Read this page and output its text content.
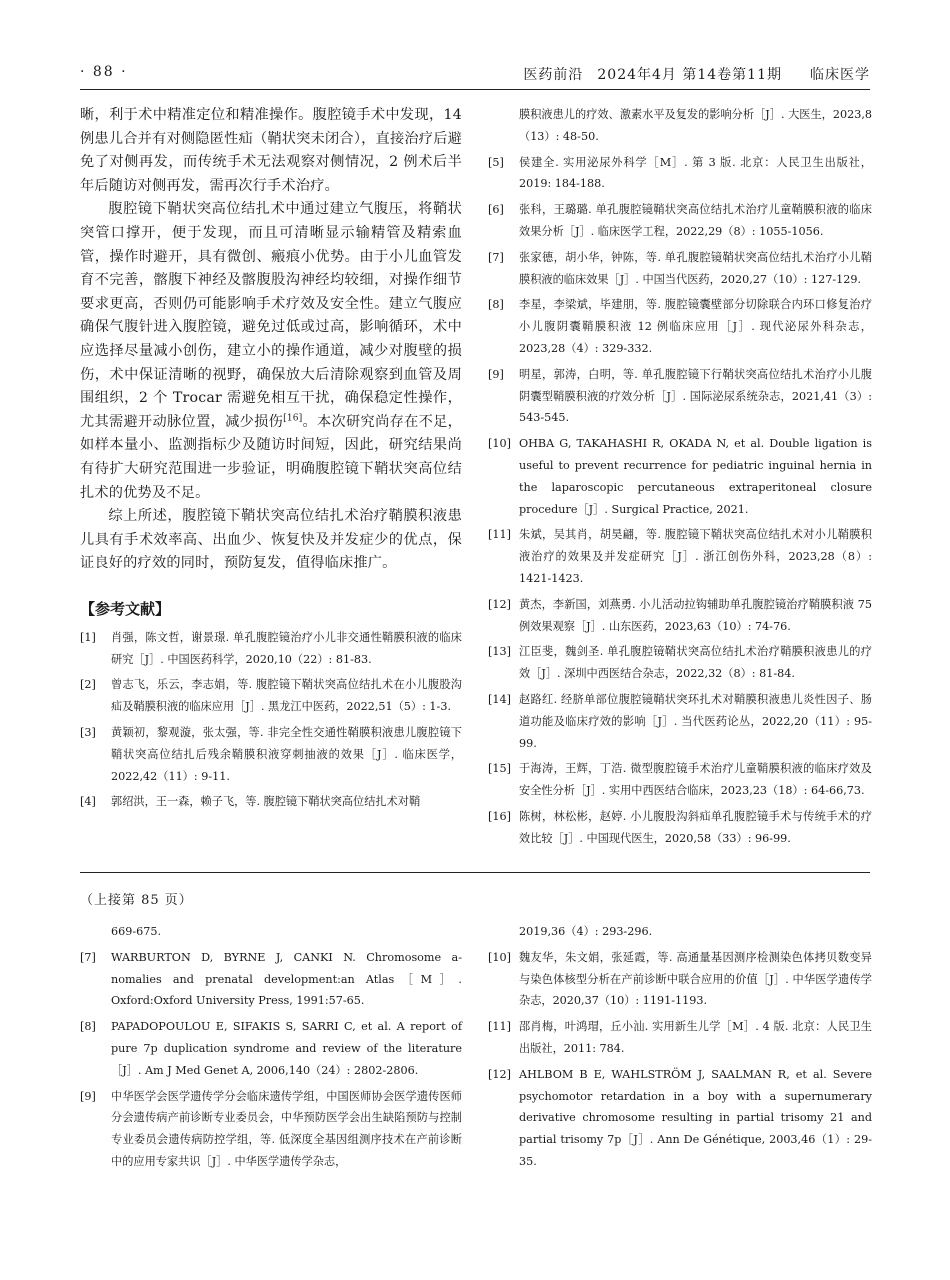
· 88 ·	医药前沿 2024年4月 第14卷第11期 临床医学

晰，利于术中精准定位和精准操作。腹腔镜手术中发现，14 例患儿合并有对侧隐匿性疝（鞘状突未闭合），直接治疗后避免了对侧再发，而传统手术无法观察对侧情况，2 例术后半年后随访对侧再发，需再次行手术治疗。

腹腔镜下鞘状突高位结扎术中通过建立气腹压，将鞘状突管口撑开，便于发现，而且可清晰显示输精管及精索血管，操作时避开，具有微创、瘢痕小优势。由于小儿血管发育不完善，髂腹下神经及髂腹股沟神经均较细，对操作细节要求更高，否则仍可能影响手术疗效及安全性。建立气腹应确保气腹针进入腹腔镜，避免过低或过高，影响循环，术中应选择尽量减小创伤，建立小的操作通道，减少对腹壁的损伤，术中保证清晰的视野，确保放大后清除观察到血管及周围组织，2 个 Trocar 需避免相互干扰，确保稳定性操作，尤其需避开动脉位置，减少损伤[16]。本次研究尚存在不足，如样本量小、监测指标少及随访时间短，因此，研究结果尚有待扩大研究范围进一步验证，明确腹腔镜下鞘状突高位结扎术的优势及不足。

综上所述，腹腔镜下鞘状突高位结扎术治疗鞘膜积液患儿具有手术效率高、出血少、恢复快及并发症少的优点，保证良好的疗效的同时，预防复发，值得临床推广。

【参考文献】
[1]	肖强，陈文哲，谢景璟. 单孔腹腔镜治疗小儿非交通性鞘膜积液的临床研究［J］. 中国医药科学，2020,10（22）: 81-83.
[2]	曾志飞，乐云，李志娟，等. 腹腔镜下鞘状突高位结扎术在小儿腹股沟疝及鞘膜积液的临床应用［J］. 黑龙江中医药，2022,51（5）: 1-3.
[3]	黄颖初，黎观漩，张太强，等. 非完全性交通性鞘膜积液患儿腹腔镜下鞘状突高位结扎后残余鞘膜积液穿刺抽液的效果［J］. 临床医学，2022,42（11）: 9-11.
[4]	郭绍洪，王一森，赖子飞，等. 腹腔镜下鞘状突高位结扎术对鞘
膜积液患儿的疗效、激素水平及复发的影响分析［J］. 大医生，2023,8（13）: 48-50.
[5]	侯建全. 实用泌尿外科学［M］. 第 3 版. 北京：人民卫生出版社，2019: 184-188.
[6]	张科，王璐璐. 单孔腹腔镜鞘状突高位结扎术治疗儿童鞘膜积液的临床效果分析［J］. 临床医学工程，2022,29（8）: 1055-1056.
[7]	张家德，胡小华，钟陈，等. 单孔腹腔镜鞘状突高位结扎术治疗小儿鞘膜积液的临床效果［J］. 中国当代医药，2020,27（10）: 127-129.
[8]	李星，李梁斌，毕建朋，等. 腹腔镜囊壁部分切除联合内环口修复治疗小儿腹阴囊鞘膜积液 12 例临床应用［J］. 现代泌尿外科杂志，2023,28（4）: 329-332.
[9]	明星，郭涛，白明，等. 单孔腹腔镜下行鞘状突高位结扎术治疗小儿腹阴囊型鞘膜积液的疗效分析［J］. 国际泌尿系统杂志，2021,41（3）: 543-545.
[10] OHBA G, TAKAHASHI R, OKADA N, et al. Double ligation is useful to prevent recurrence for pediatric inguinal hernia in the laparoscopic percutaneous extraperitoneal closure procedure［J］. Surgical Practice, 2021.
[11] 朱斌，吴其肖，胡昊翩，等. 腹腔镜下鞘状突高位结扎术对小儿鞘膜积液治疗的效果及并发症研究［J］. 浙江创伤外科，2023,28（8）: 1421-1423.
[12] 黄杰，李新国，刘燕勇. 小儿活动拉钩辅助单孔腹腔镜治疗鞘膜积液 75 例效果观察［J］. 山东医药，2023,63（10）: 74-76.
[13] 江臣斐，魏剑圣. 单孔腹腔镜鞘状突高位结扎术治疗鞘膜积液患儿的疗效［J］. 深圳中西医结合杂志，2022,32（8）: 81-84.
[14] 赵路红. 经脐单部位腹腔镜鞘状突环扎术对鞘膜积液患儿炎性因子、肠道功能及临床疗效的影响［J］. 当代医药论丛，2022,20（11）: 95-99.
[15] 于海涛，王辉，丁浩. 微型腹腔镜手术治疗儿童鞘膜积液的临床疗效及安全性分析［J］. 实用中西医结合临床，2023,23（18）: 64-66,73.
[16] 陈树，林松彬，赵婷. 小儿腹股沟斜疝单孔腹腔镜手术与传统手术的疗效比较［J］. 中国现代医生，2020,58（33）: 96-99.
（上接第 85 页）
669-675.
[7]	WARBURTON D, BYRNE J, CANKI N. Chromosome a-nomalies and prenatal development:an Atlas［M］. Oxford:Oxford University Press, 1991:57-65.
[8]	PAPADOPOULOU E, SIFAKIS S, SARRI C, et al. A report of pure 7p duplication syndrome and review of the literature［J］. Am J Med Genet A, 2006,140（24）: 2802-2806.
[9]	中华医学会医学遗传学分会临床遗传学组，中国医师协会医学遗传医师分会遗传病产前诊断专业委员会，中华预防医学会出生缺陷预防与控制专业委员会遗传病防控学组，等. 低深度全基因组测序技术在产前诊断中的应用专家共识［J］. 中华医学遗传学杂志，
2019,36（4）: 293-296.
[10] 魏友华，朱文娟，张延霞，等. 高通量基因测序检测染色体拷贝数变异与染色体核型分析在产前诊断中联合应用的价值［J］. 中华医学遗传学杂志，2020,37（10）: 1191-1193.
[11] 邵肖梅，叶鸿瑁，丘小汕. 实用新生儿学［M］. 4 版. 北京：人民卫生出版社，2011: 784.
[12] AHLBOM B E, WAHLSTRÖM J, SAALMAN R, et al. Severe psychomotor retardation in a boy with a supernumerary derivative chromosome resulting in partial trisomy 21 and partial trisomy 7p［J］. Ann De Génétique, 2003,46（1）: 29-35.
